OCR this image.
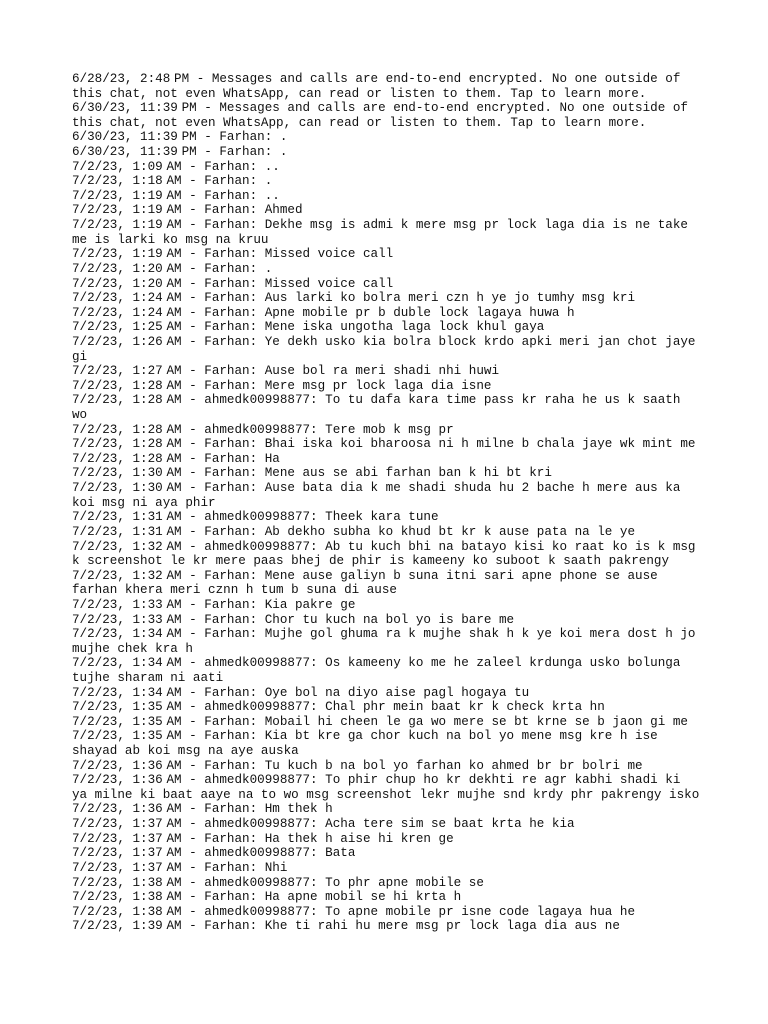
6/28/23, 2:48 PM - Messages and calls are end-to-end encrypted. No one outside of
this chat, not even WhatsApp, can read or listen to them. Tap to learn more.
6/30/23, 11:39 PM - Messages and calls are end-to-end encrypted. No one outside of
this chat, not even WhatsApp, can read or listen to them. Tap to learn more.
6/30/23, 11:39 PM - Farhan: .
6/30/23, 11:39 PM - Farhan: .
7/2/23, 1:09 AM - Farhan: ..
7/2/23, 1:18 AM - Farhan: .
7/2/23, 1:19 AM - Farhan: ..
7/2/23, 1:19 AM - Farhan: Ahmed
7/2/23, 1:19 AM - Farhan: Dekhe msg is admi k mere msg pr lock laga dia is ne take
me is larki ko msg na kruu
7/2/23, 1:19 AM - Farhan: Missed voice call
7/2/23, 1:20 AM - Farhan: .
7/2/23, 1:20 AM - Farhan: Missed voice call
7/2/23, 1:24 AM - Farhan: Aus larki ko bolra meri czn h ye jo tumhy msg kri
7/2/23, 1:24 AM - Farhan: Apne mobile pr b duble lock lagaya huwa h
7/2/23, 1:25 AM - Farhan: Mene iska ungotha laga lock khul gaya
7/2/23, 1:26 AM - Farhan: Ye dekh usko kia bolra block krdo apki meri jan chot jaye
gi
7/2/23, 1:27 AM - Farhan: Ause bol ra meri shadi nhi huwi
7/2/23, 1:28 AM - Farhan: Mere msg pr lock laga dia isne
7/2/23, 1:28 AM - ahmedk00998877: To tu dafa kara time pass kr raha he us k saath
wo
7/2/23, 1:28 AM - ahmedk00998877: Tere mob k msg pr
7/2/23, 1:28 AM - Farhan: Bhai iska koi bharoosa ni h milne b chala jaye wk mint me
7/2/23, 1:28 AM - Farhan: Ha
7/2/23, 1:30 AM - Farhan: Mene aus se abi farhan ban k hi bt kri
7/2/23, 1:30 AM - Farhan: Ause bata dia k me shadi shuda hu 2 bache h mere aus ka
koi msg ni aya phir
7/2/23, 1:31 AM - ahmedk00998877: Theek kara tune
7/2/23, 1:31 AM - Farhan: Ab dekho subha ko khud bt kr k ause pata na le ye
7/2/23, 1:32 AM - ahmedk00998877: Ab tu kuch bhi na batayo kisi ko raat ko is k msg
k screenshot le kr mere paas bhej de phir is kameeny ko suboot k saath pakrengy
7/2/23, 1:32 AM - Farhan: Mene ause galiyn b suna itni sari apne phone se ause
farhan khera meri cznn h tum b suna di ause
7/2/23, 1:33 AM - Farhan: Kia pakre ge
7/2/23, 1:33 AM - Farhan: Chor tu kuch na bol yo is bare me
7/2/23, 1:34 AM - Farhan: Mujhe gol ghuma ra k mujhe shak h k ye koi mera dost h jo
mujhe chek kra h
7/2/23, 1:34 AM - ahmedk00998877: Os kameeny ko me he zaleel krdunga usko bolunga
tujhe sharam ni aati
7/2/23, 1:34 AM - Farhan: Oye bol na diyo aise pagl hogaya tu
7/2/23, 1:35 AM - ahmedk00998877: Chal phr mein baat kr k check krta hn
7/2/23, 1:35 AM - Farhan: Mobail hi cheen le ga wo mere se bt krne se b jaon gi me
7/2/23, 1:35 AM - Farhan: Kia bt kre ga chor kuch na bol yo mene msg kre h ise
shayad ab koi msg na aye auska
7/2/23, 1:36 AM - Farhan: Tu kuch b na bol yo farhan ko ahmed br br bolri me
7/2/23, 1:36 AM - ahmedk00998877: To phir chup ho kr dekhti re agr kabhi shadi ki
ya milne ki baat aaye na to wo msg screenshot lekr mujhe snd krdy phr pakrengy isko
7/2/23, 1:36 AM - Farhan: Hm thek h
7/2/23, 1:37 AM - ahmedk00998877: Acha tere sim se baat krta he kia
7/2/23, 1:37 AM - Farhan: Ha thek h aise hi kren ge
7/2/23, 1:37 AM - ahmedk00998877: Bata
7/2/23, 1:37 AM - Farhan: Nhi
7/2/23, 1:38 AM - ahmedk00998877: To phr apne mobile se
7/2/23, 1:38 AM - Farhan: Ha apne mobil se hi krta h
7/2/23, 1:38 AM - ahmedk00998877: To apne mobile pr isne code lagaya hua he
7/2/23, 1:39 AM - Farhan: Khe ti rahi hu mere msg pr lock laga dia aus ne
